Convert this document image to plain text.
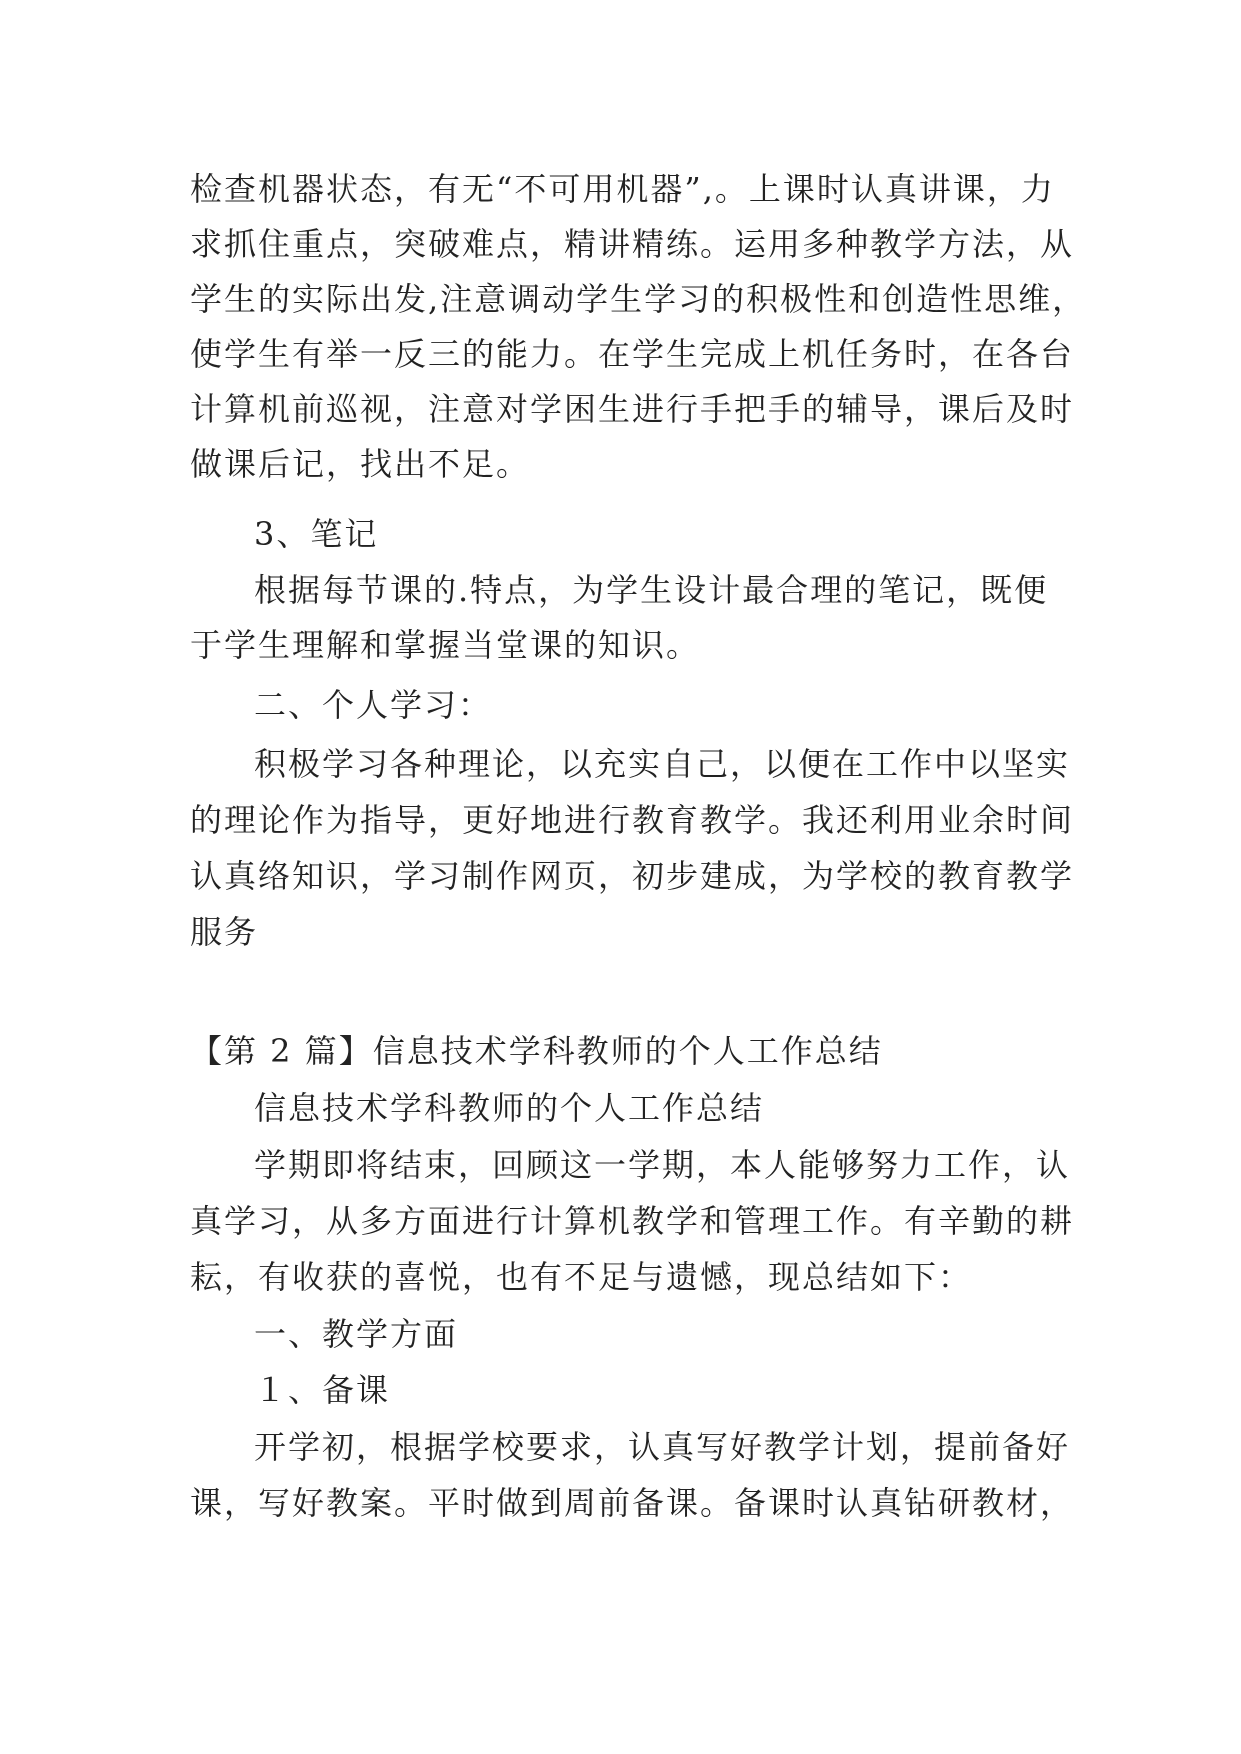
检查机器状态，有无“不可用机器”,。上课时认真讲课，力
求抓住重点，突破难点，精讲精练。运用多种教学方法，从
学生的实际出发,注意调动学生学习的积极性和创造性思维，
使学生有举一反三的能力。在学生完成上机任务时，在各台
计算机前巡视，注意对学困生进行手把手的辅导，课后及时
做课后记，找出不足。
3、笔记
根据每节课的.特点，为学生设计最合理的笔记，既便
于学生理解和掌握当堂课的知识。
二、个人学习：
积极学习各种理论，以充实自己，以便在工作中以坚实
的理论作为指导，更好地进行教育教学。我还利用业余时间
认真络知识，学习制作网页，初步建成，为学校的教育教学
服务
【第 2 篇】信息技术学科教师的个人工作总结
信息技术学科教师的个人工作总结
学期即将结束，回顾这一学期，本人能够努力工作，认
真学习，从多方面进行计算机教学和管理工作。有辛勤的耕
耘，有收获的喜悦，也有不足与遗憾，现总结如下：
一、教学方面
１、备课
开学初，根据学校要求，认真写好教学计划，提前备好
课，写好教案。平时做到周前备课。备课时认真钻研教材，
